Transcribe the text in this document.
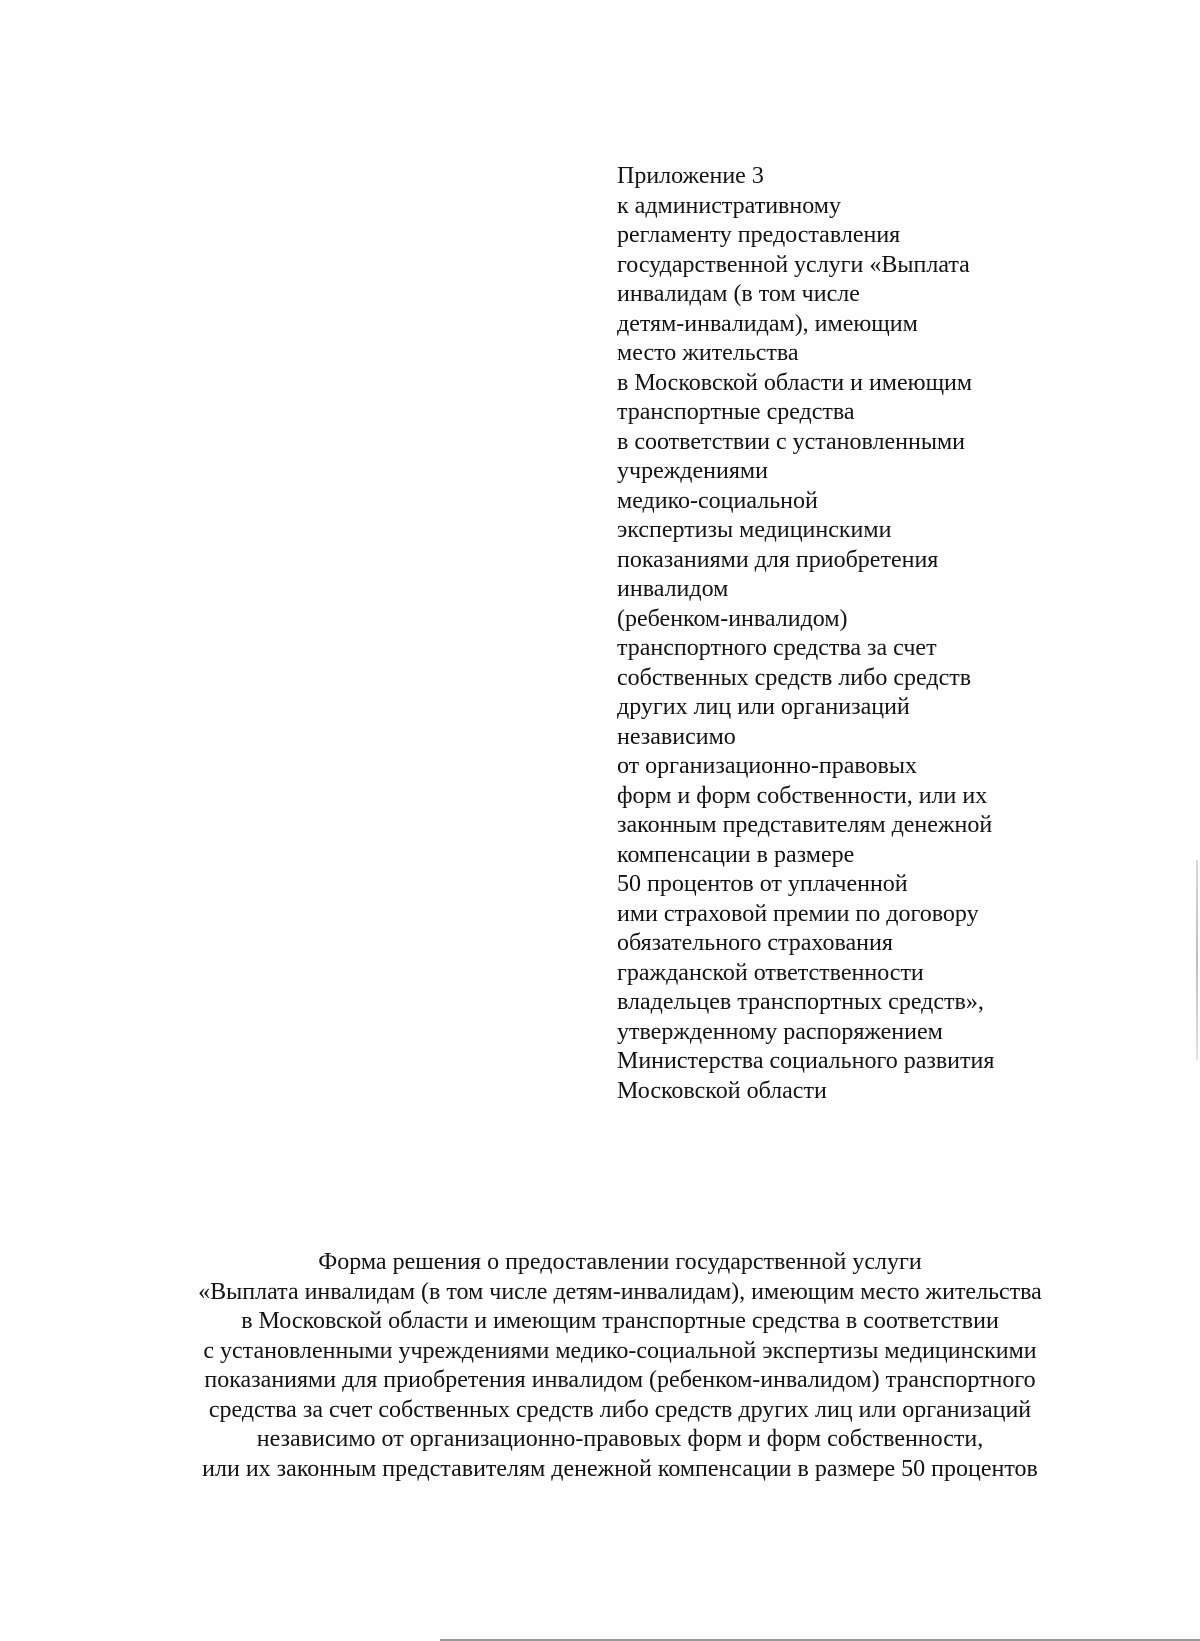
Приложение 3
к административному
регламенту предоставления
государственной услуги «Выплата
инвалидам (в том числе
детям-инвалидам), имеющим
место жительства
в Московской области и имеющим
транспортные средства
в соответствии с установленными
учреждениями
медико-социальной
экспертизы медицинскими
показаниями для приобретения
инвалидом
(ребенком-инвалидом)
транспортного средства за счет
собственных средств либо средств
других лиц или организаций
независимо
от организационно-правовых
форм и форм собственности, или их
законным представителям денежной
компенсации в размере
50 процентов от уплаченной
ими страховой премии по договору
обязательного страхования
гражданской ответственности
владельцев транспортных средств»,
утвержденному распоряжением
Министерства социального развития
Московской области
Форма решения о предоставлении государственной услуги
«Выплата инвалидам (в том числе детям-инвалидам), имеющим место жительства
в Московской области и имеющим транспортные средства в соответствии
с установленными учреждениями медико-социальной экспертизы медицинскими
показаниями для приобретения инвалидом (ребенком-инвалидом) транспортного
средства за счет собственных средств либо средств других лиц или организаций
независимо от организационно-правовых форм и форм собственности,
или их законным представителям денежной компенсации в размере 50 процентов
